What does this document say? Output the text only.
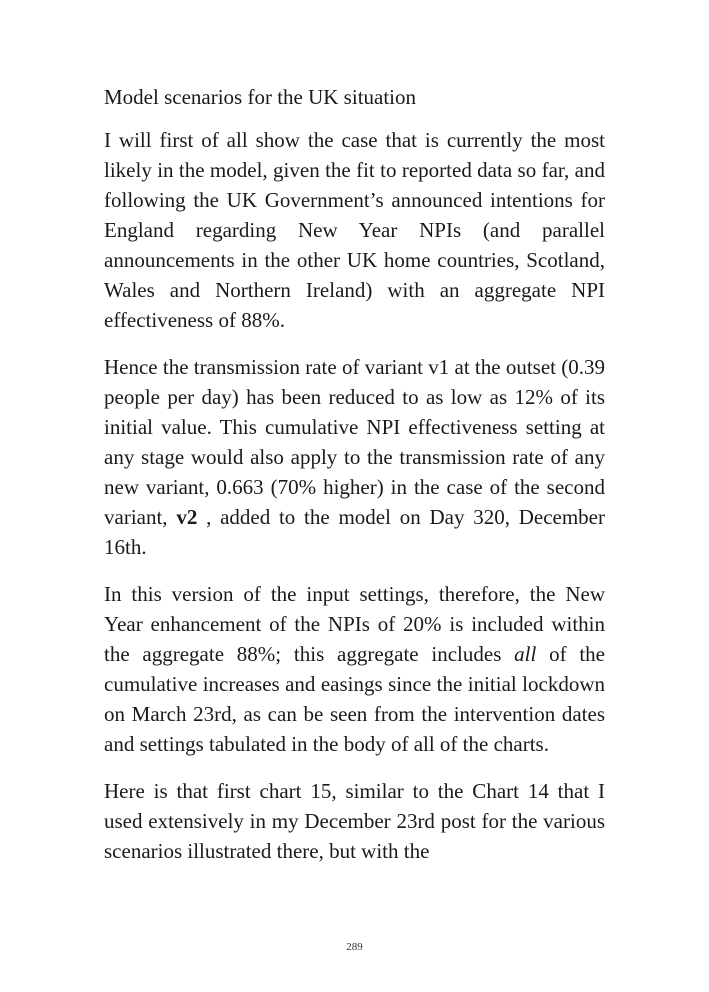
Model scenarios for the UK situation

I will first of all show the case that is currently the most likely in the model, given the fit to reported data so far, and following the UK Government’s announced intentions for England regarding New Year NPIs (and parallel announcements in the other UK home countries, Scotland, Wales and Northern Ireland) with an aggregate NPI effectiveness of 88%.

Hence the transmission rate of variant v1 at the outset (0.39 people per day) has been reduced to as low as 12% of its initial value. This cumulative NPI effectiveness setting at any stage would also apply to the transmission rate of any new variant, 0.663 (70% higher) in the case of the second variant, v2 , added to the model on Day 320, December 16th.

In this version of the input settings, therefore, the New Year enhancement of the NPIs of 20% is included within the aggregate 88%; this aggregate includes all of the cumulative increases and easings since the initial lockdown on March 23rd, as can be seen from the intervention dates and settings tabulated in the body of all of the charts.

Here is that first chart 15, similar to the Chart 14 that I used extensively in my December 23rd post for the various scenarios illustrated there, but with the

289
